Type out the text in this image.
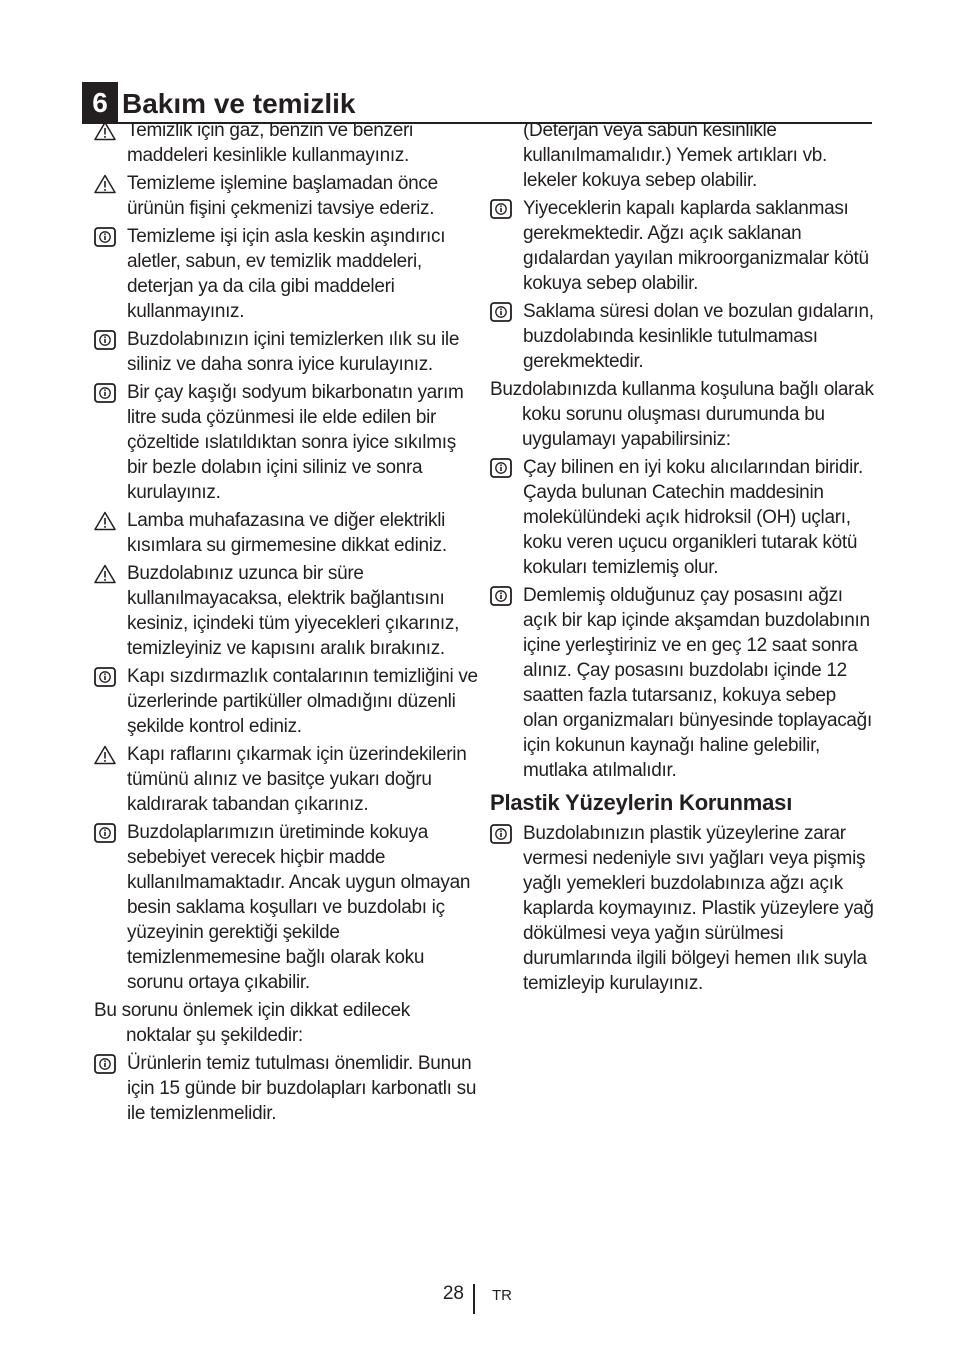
6 Bakım ve temizlik
Temizlik için gaz, benzin ve benzeri maddeleri kesinlikle kullanmayınız.
Temizleme işlemine başlamadan önce ürünün fişini çekmenizi tavsiye ederiz.
Temizleme işi için asla keskin aşındırıcı aletler, sabun, ev temizlik maddeleri, deterjan ya da cila gibi maddeleri kullanmayınız.
Buzdolabınızın içini temizlerken ılık su ile siliniz ve daha sonra iyice kurulayınız.
Bir çay kaşığı sodyum bikarbonatın yarım litre suda çözünmesi ile elde edilen bir çözeltide ıslatıldıktan sonra iyice sıkılmış bir bezle dolabın içini siliniz ve sonra kurulayınız.
Lamba muhafazasına ve diğer elektrikli kısımlara su girmemesine dikkat ediniz.
Buzdolabınız uzunca bir süre kullanılmayacaksa, elektrik bağlantısını kesiniz, içindeki tüm yiyecekleri çıkarınız, temizleyiniz ve kapısını aralık bırakınız.
Kapı sızdırmazlık contalarının temizliğini ve üzerlerinde partiküller olmadığını düzenli şekilde kontrol ediniz.
Kapı raflarını çıkarmak için üzerindekilerin tümünü alınız ve basitçe yukarı doğru kaldırarak tabandan çıkarınız.
Buzdolaplarımızın üretiminde kokuya sebebiyet verecek hiçbir madde kullanılmamaktadır. Ancak uygun olmayan besin saklama koşulları ve buzdolabı iç yüzeyinin gerektiği şekilde temizlenmemesine bağlı olarak koku sorunu ortaya çıkabilir.
Bu sorunu önlemek için dikkat edilecek noktalar şu şekildedir:
Ürünlerin temiz tutulması önemlidir. Bunun için 15 günde bir buzdolapları karbonatlı su ile temizlenmelidir.
(Deterjan veya sabun kesinlikle kullanılmamalıdır.) Yemek artıkları vb. lekeler kokuya sebep olabilir.
Yiyeceklerin kapalı kaplarda saklanması gerekmektedir. Ağzı açık saklanan gıdalardan yayılan mikroorganizmalar kötü kokuya sebep olabilir.
Saklama süresi dolan ve bozulan gıdaların, buzdolabında kesinlikle tutulmaması gerekmektedir.
Buzdolabınızda kullanma koşuluna bağlı olarak koku sorunu oluşması durumunda bu uygulamayı yapabilirsiniz:
Çay bilinen en iyi koku alıcılarından biridir. Çayda bulunan Catechin maddesinin molekülündeki açık hidroksil (OH) uçları, koku veren uçucu organikleri tutarak kötü kokuları temizlemiş olur.
Demlemiş olduğunuz çay posasını ağzı açık bir kap içinde akşamdan buzdolabının içine yerleştiriniz ve en geç 12 saat sonra alınız. Çay posasını buzdolabı içinde 12 saatten fazla tutarsanız, kokuya sebep olan organizmaları bünyesinde toplayacağı için kokunun kaynağı haline gelebilir, mutlaka atılmalıdır.
Plastik Yüzeylerin Korunması
Buzdolabınızın plastik yüzeylerine zarar vermesi nedeniyle sıvı yağları veya pişmiş yağlı yemekleri buzdolabınıza ağzı açık kaplarda koymayınız. Plastik yüzeylere yağ dökülmesi veya yağın sürülmesi durumlarında ilgili bölgeyi hemen ılık suyla temizleyip kurulayınız.
28 TR
